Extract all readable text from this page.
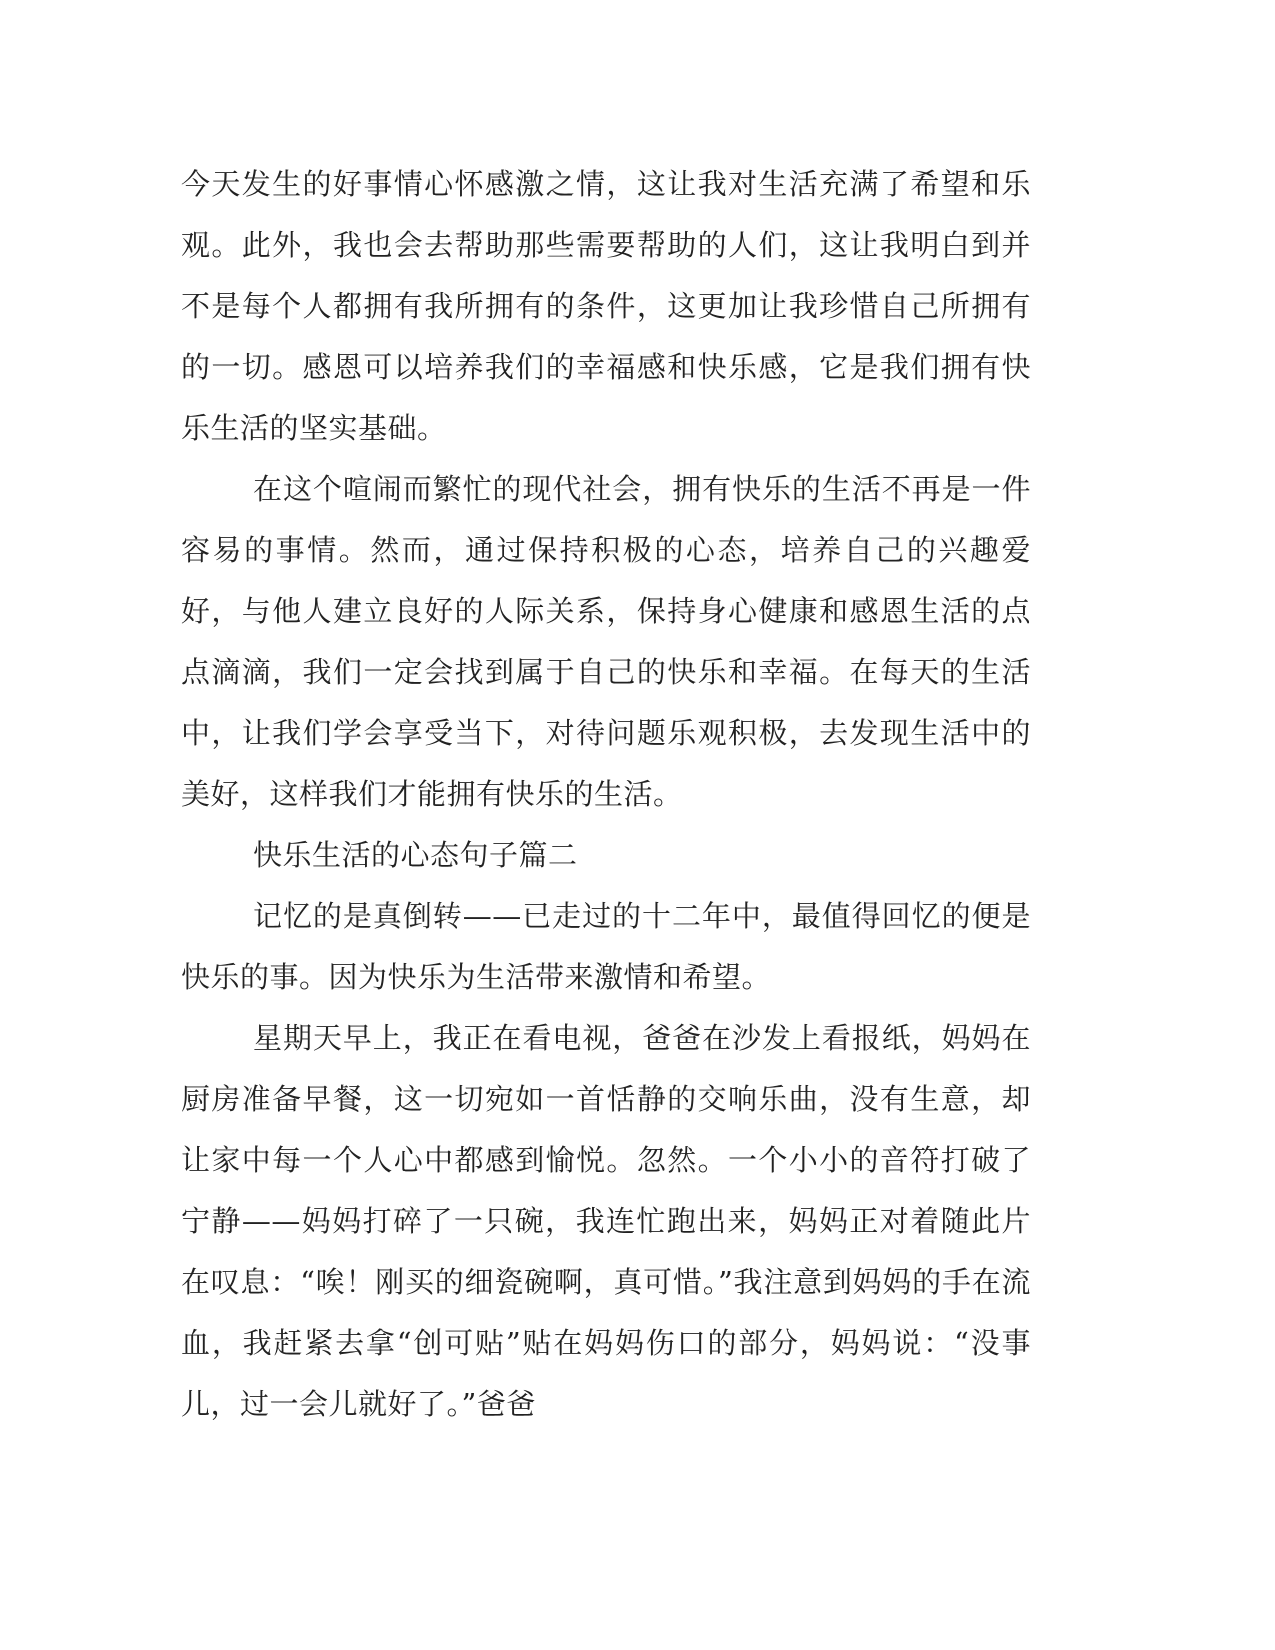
今天发生的好事情心怀感激之情，这让我对生活充满了希望和乐观。此外，我也会去帮助那些需要帮助的人们，这让我明白到并不是每个人都拥有我所拥有的条件，这更加让我珍惜自己所拥有的一切。感恩可以培养我们的幸福感和快乐感，它是我们拥有快乐生活的坚实基础。

在这个喧闹而繁忙的现代社会，拥有快乐的生活不再是一件容易的事情。然而，通过保持积极的心态，培养自己的兴趣爱好，与他人建立良好的人际关系，保持身心健康和感恩生活的点点滴滴，我们一定会找到属于自己的快乐和幸福。在每天的生活中，让我们学会享受当下，对待问题乐观积极，去发现生活中的美好，这样我们才能拥有快乐的生活。

快乐生活的心态句子篇二

记忆的是真倒转——已走过的十二年中，最值得回忆的便是快乐的事。因为快乐为生活带来激情和希望。

星期天早上，我正在看电视，爸爸在沙发上看报纸，妈妈在厨房准备早餐，这一切宛如一首恬静的交响乐曲，没有生意，却让家中每一个人心中都感到愉悦。忽然。一个小小的音符打破了宁静——妈妈打碎了一只碗，我连忙跑出来，妈妈正对着随此片在叹息：“唉！刚买的细瓷碗啊，真可惜。”我注意到妈妈的手在流血，我赶紧去拿“创可贴”贴在妈妈伤口的部分，妈妈说：“没事儿，过一会儿就好了。”爸爸
